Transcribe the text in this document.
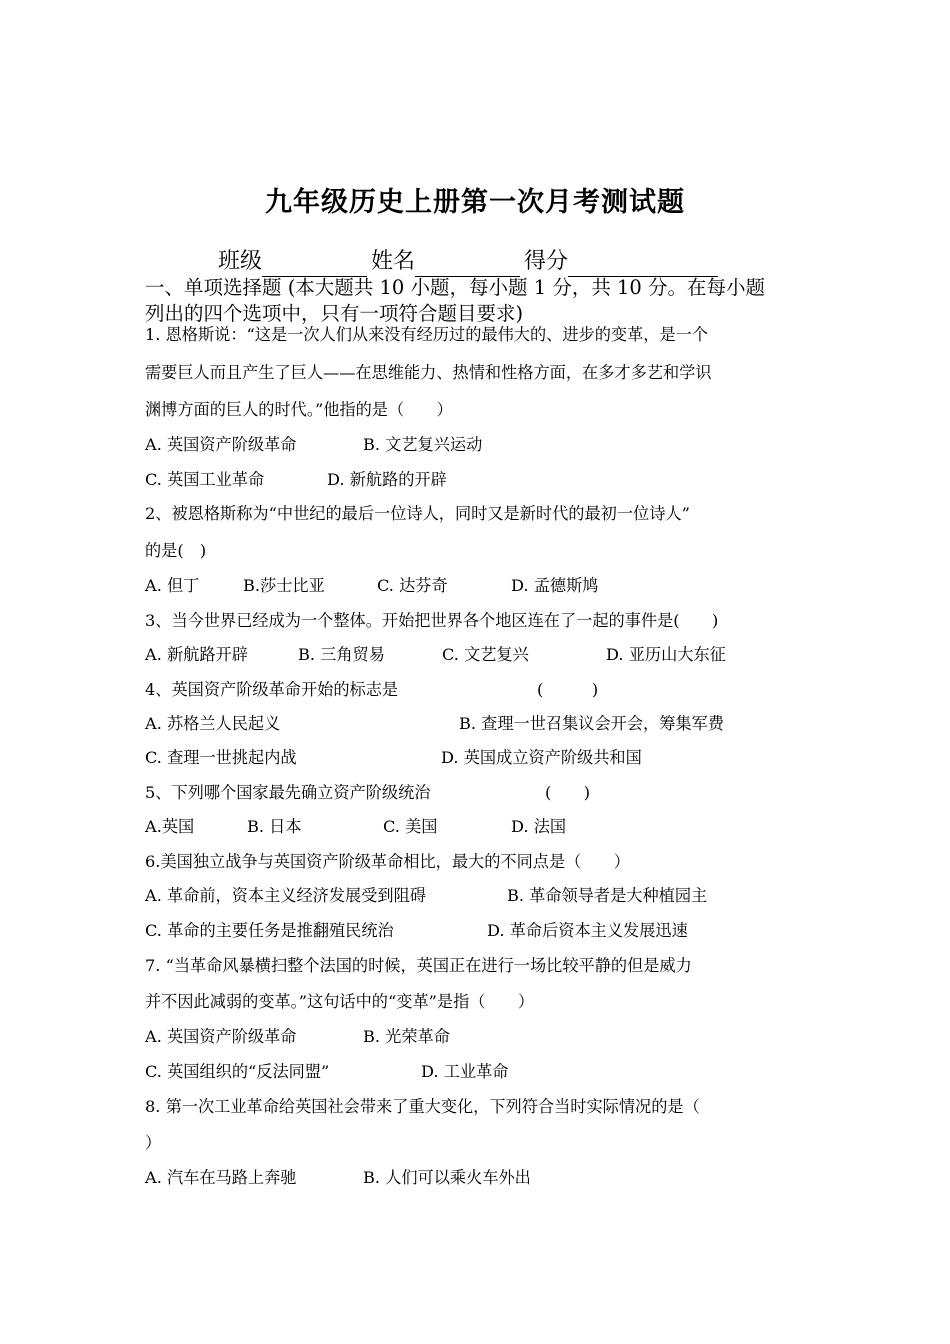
九年级历史上册第一次月考测试题
班级	姓名	得分
一、单项选择题 (本大题共 10 小题，每小题 1 分，共 10 分。在每小题
列出的四个选项中，只有一项符合题目要求)
1. 恩格斯说：“这是一次人们从来没有经历过的最伟大的、进步的变革，是一个
需要巨人而且产生了巨人——在思维能力、热情和性格方面，在多才多艺和学识
渊博方面的巨人的时代。”他指的是（　　）
A. 英国资产阶级革命	B. 文艺复兴运动
C. 英国工业革命	D. 新航路的开辟
2、被恩格斯称为“中世纪的最后一位诗人，同时又是新时代的最初一位诗人”
的是(　)
A. 但丁	B.莎士比亚	C. 达芬奇	D. 孟德斯鸠
3、当今世界已经成为一个整体。开始把世界各个地区连在了一起的事件是(　　)
A. 新航路开辟	B. 三角贸易	C. 文艺复兴	D. 亚历山大东征
4、英国资产阶级革命开始的标志是	(　　　)
A. 苏格兰人民起义	B. 查理一世召集议会开会，筹集军费
C. 查理一世挑起内战	D. 英国成立资产阶级共和国
5、下列哪个国家最先确立资产阶级统治	(　　)
A.英国	B. 日本	C. 美国	D. 法国
6.美国独立战争与英国资产阶级革命相比，最大的不同点是（　　）
A. 革命前，资本主义经济发展受到阻碍	B. 革命领导者是大种植园主
C. 革命的主要任务是推翻殖民统治	D. 革命后资本主义发展迅速
7. “当革命风暴横扫整个法国的时候，英国正在进行一场比较平静的但是威力
并不因此减弱的变革。”这句话中的“变革”是指（　　）
A. 英国资产阶级革命	B. 光荣革命
C. 英国组织的“反法同盟”	D. 工业革命
8. 第一次工业革命给英国社会带来了重大变化，下列符合当时实际情况的是（
）
A. 汽车在马路上奔驰	B. 人们可以乘火车外出
